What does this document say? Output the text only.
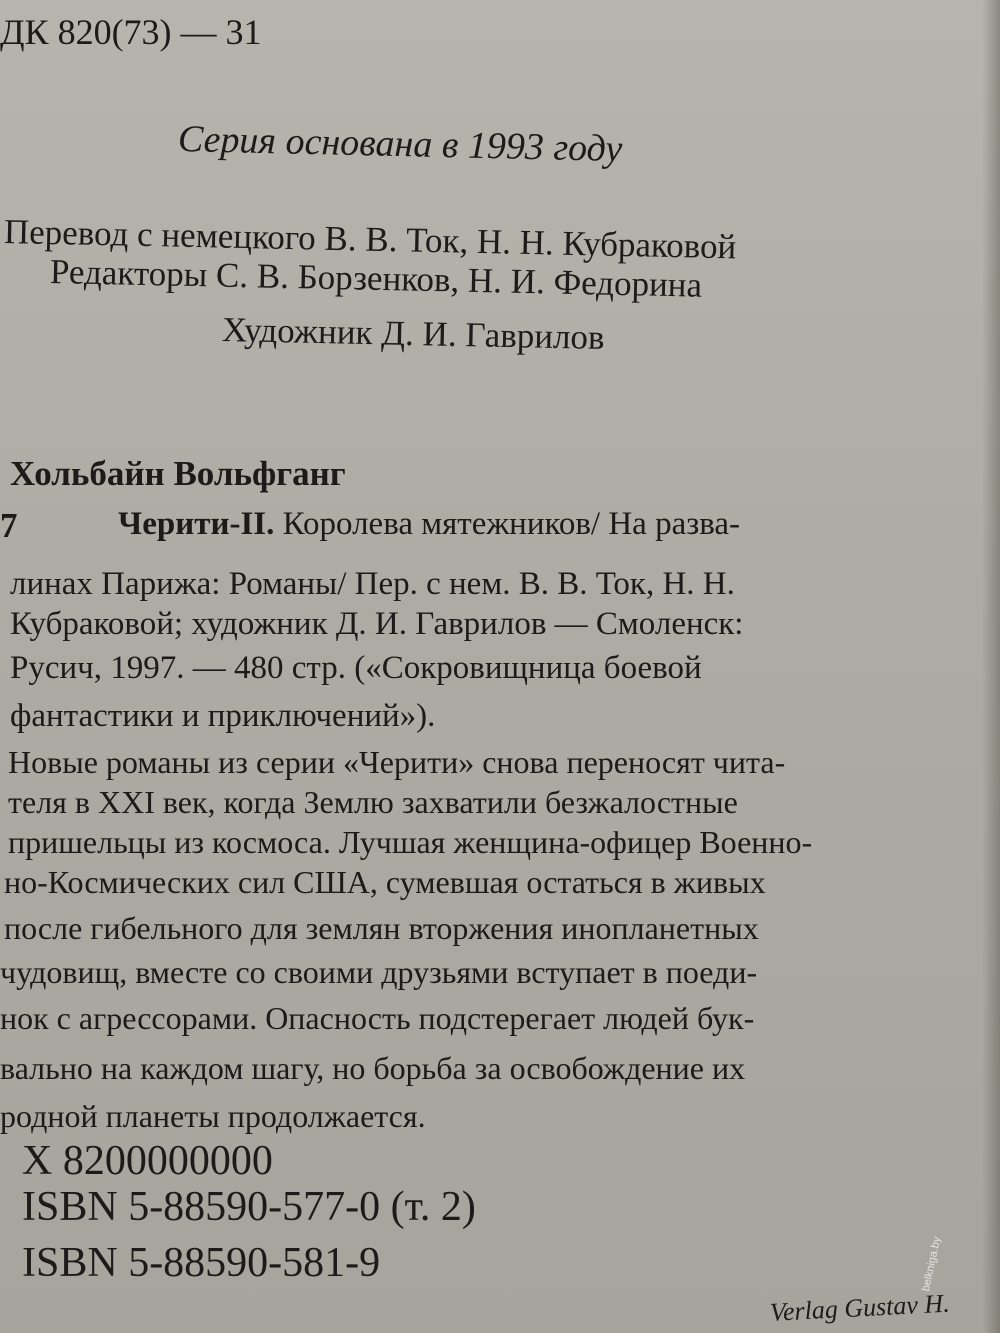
ДК 820(73) — 31
Серия основана в 1993 году
Перевод с немецкого В. В. Ток, Н. Н. Кубраковой
Редакторы С. В. Борзенков, Н. И. Федорина
Художник Д. И. Гаврилов
Хольбайн Вольфганг
7	Черити-II. Королева мятежников/ На разва-
линах Парижа: Романы/ Пер. с нем. В. В. Ток, Н. Н.
Кубраковой; художник Д. И. Гаврилов — Смоленск:
Русич, 1997. — 480 стр. («Сокровищница боевой
фантастики и приключений»).
Новые романы из серии «Черити» снова переносят чита-
теля в XXI век, когда Землю захватили безжалостные
пришельцы из космоса. Лучшая женщина-офицер Военно-
но-Космических сил США, сумевшая остаться в живых
после гибельного для землян вторжения инопланетных
чудовищ, вместе со своими друзьями вступает в поеди-
нок с агрессорами. Опасность подстерегает людей бук-
вально на каждом шагу, но борьба за освобождение их
родной планеты продолжается.
X 8200000000
ISBN 5-88590-577-0 (т. 2)
ISBN 5-88590-581-9
Verlag Gustav H.
belkniga.by
